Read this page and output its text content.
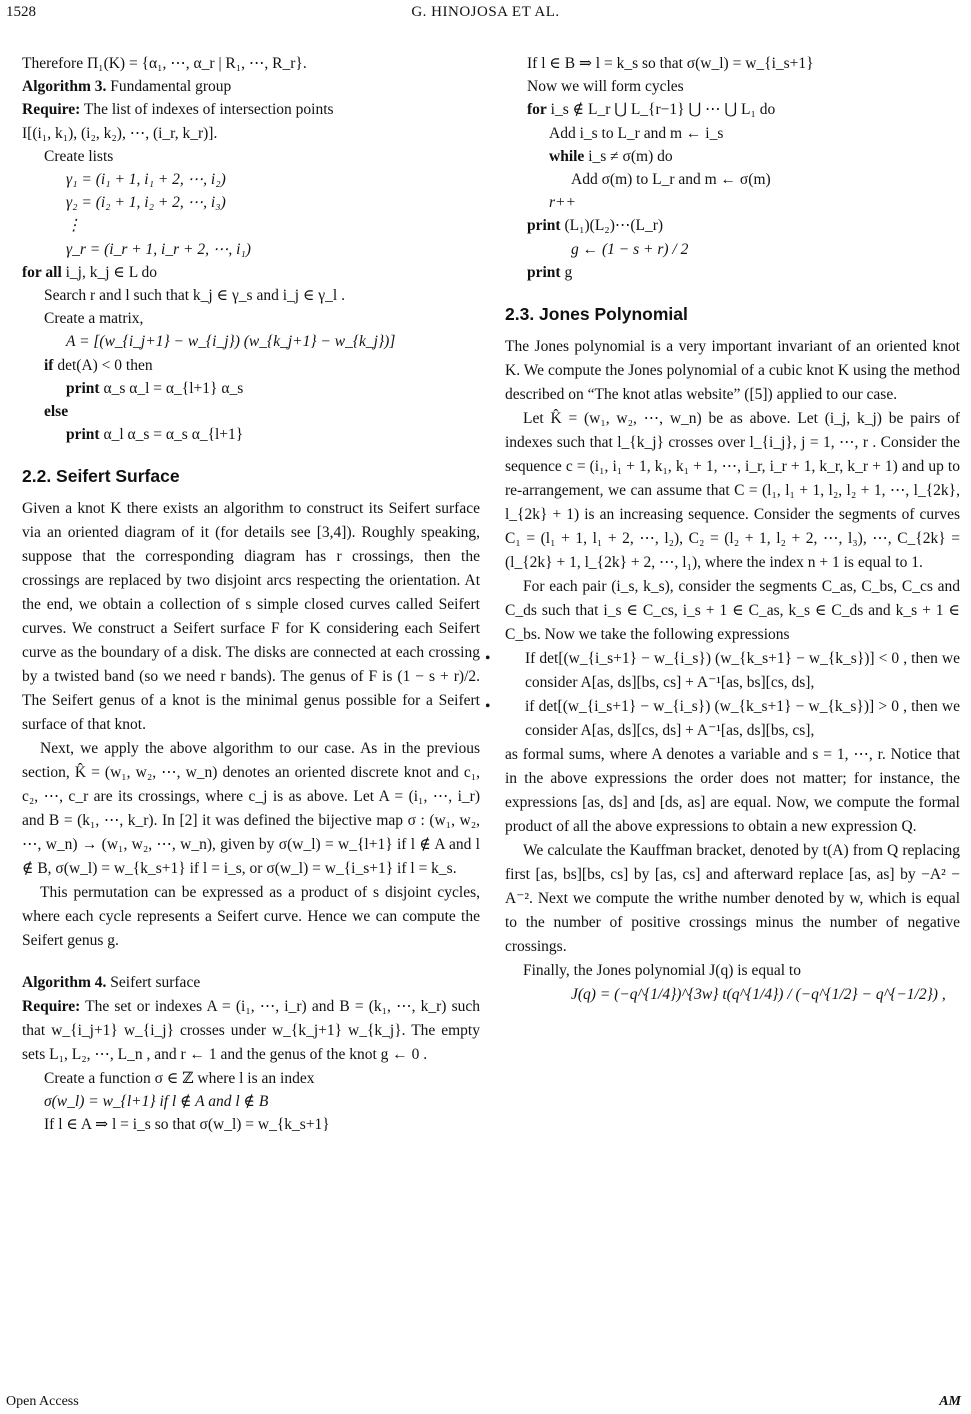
1528	G. HINOJOSA ET AL.
Therefore Π₁(K) = {α₁, ⋯, α_r | R₁, ⋯, R_r}.
Algorithm 3. Fundamental group
Require: The list of indexes of intersection points
I[(i₁, k₁), (i₂, k₂), ⋯, (i_r, k_r)].
Create lists
γ₁ = (i₁ + 1, i₁ + 2, ⋯, i₂)
γ₂ = (i₂ + 1, i₂ + 2, ⋯, i₃)
⋮
γ_r = (i_r + 1, i_r + 2, ⋯, i₁)
for all i_j, k_j ∈ L do
Search r and l such that k_j ∈ γ_s and i_j ∈ γ_l .
Create a matrix,
A = [(w_{i_j+1} − w_{i_j}) (w_{k_j+1} − w_{k_j})]
if det(A) < 0 then
print α_s α_l = α_{l+1} α_s
else
print α_l α_s = α_s α_{l+1}
2.2. Seifert Surface
Given a knot K there exists an algorithm to construct its Seifert surface via an oriented diagram of it (for details see [3,4]). Roughly speaking, suppose that the corresponding diagram has r crossings, then the crossings are replaced by two disjoint arcs respecting the orientation. At the end, we obtain a collection of s simple closed curves called Seifert curves. We construct a Seifert surface F for K considering each Seifert curve as the boundary of a disk. The disks are connected at each crossing by a twisted band (so we need r bands). The genus of F is (1 − s + r)/2. The Seifert genus of a knot is the minimal genus possible for a Seifert surface of that knot.
Next, we apply the above algorithm to our case. As in the previous section, K̂ = (w₁, w₂, ⋯, w_n) denotes an oriented discrete knot and c₁, c₂, ⋯, c_r are its crossings, where c_j is as above. Let A = (i₁, ⋯, i_r) and B = (k₁, ⋯, k_r). In [2] it was defined the bijective map σ : (w₁, w₂, ⋯, w_n) → (w₁, w₂, ⋯, w_n), given by σ(w_l) = w_{l+1} if l ∉ A and l ∉ B, σ(w_l) = w_{k_s+1} if l = i_s, or σ(w_l) = w_{i_s+1} if l = k_s.
This permutation can be expressed as a product of s disjoint cycles, where each cycle represents a Seifert curve. Hence we can compute the Seifert genus g.
Algorithm 4. Seifert surface
Require: The set or indexes A = (i₁, ⋯, i_r) and B = (k₁, ⋯, k_r) such that w_{i_j+1} w_{i_j} crosses under w_{k_j+1} w_{k_j}. The empty sets L₁, L₂, ⋯, L_n , and r ← 1 and the genus of the knot g ← 0 .
Create a function σ ∈ ℤ where l is an index
σ(w_l) = w_{l+1} if l ∉ A and l ∉ B
If l ∈ A ⇒ l = i_s so that σ(w_l) = w_{k_s+1}
If l ∈ B ⇒ l = k_s so that σ(w_l) = w_{i_s+1}
Now we will form cycles
for i_s ∉ L_r ⋃ L_{r−1} ⋃ ⋯ ⋃ L₁ do
Add i_s to L_r and m ← i_s
while i_s ≠ σ(m) do
Add σ(m) to L_r and m ← σ(m)
r++
print (L₁)(L₂)⋯(L_r)
g ← (1 − s + r) / 2
print g
2.3. Jones Polynomial
The Jones polynomial is a very important invariant of an oriented knot K. We compute the Jones polynomial of a cubic knot K using the method described on “The knot atlas website” ([5]) applied to our case.
Let K̂ = (w₁, w₂, ⋯, w_n) be as above. Let (i_j, k_j) be pairs of indexes such that l_{k_j} crosses over l_{i_j}, j = 1, ⋯, r . Consider the sequence c = (i₁, i₁ + 1, k₁, k₁ + 1, ⋯, i_r, i_r + 1, k_r, k_r + 1) and up to re-arrangement, we can assume that C = (l₁, l₁ + 1, l₂, l₂ + 1, ⋯, l_{2k}, l_{2k} + 1) is an increasing sequence. Consider the segments of curves C₁ = (l₁ + 1, l₁ + 2, ⋯, l₂), C₂ = (l₂ + 1, l₂ + 2, ⋯, l₃), ⋯, C_{2k} = (l_{2k} + 1, l_{2k} + 2, ⋯, l₁), where the index n + 1 is equal to 1.
For each pair (i_s, k_s), consider the segments C_as, C_bs, C_cs and C_ds such that i_s ∈ C_cs, i_s + 1 ∈ C_as, k_s ∈ C_ds and k_s + 1 ∈ C_bs. Now we take the following expressions
• If det[(w_{i_s+1} − w_{i_s}) (w_{k_s+1} − w_{k_s})] < 0 , then we consider A[as, ds][bs, cs] + A⁻¹[as, bs][cs, ds],
• if det[(w_{i_s+1} − w_{i_s}) (w_{k_s+1} − w_{k_s})] > 0 , then we consider A[as, ds][cs, ds] + A⁻¹[as, ds][bs, cs],
as formal sums, where A denotes a variable and s = 1, ⋯, r. Notice that in the above expressions the order does not matter; for instance, the expressions [as, ds] and [ds, as] are equal. Now, we compute the formal product of all the above expressions to obtain a new expression Q.
We calculate the Kauffman bracket, denoted by t(A) from Q replacing first [as, bs][bs, cs] by [as, cs] and afterward replace [as, as] by −A² − A⁻². Next we compute the writhe number denoted by w, which is equal to the number of positive crossings minus the number of negative crossings.
Finally, the Jones polynomial J(q) is equal to
J(q) = (−q^{1/4})^{3w} t(q^{1/4}) / (−q^{1/2} − q^{−1/2}) ,
Open Access	AM
